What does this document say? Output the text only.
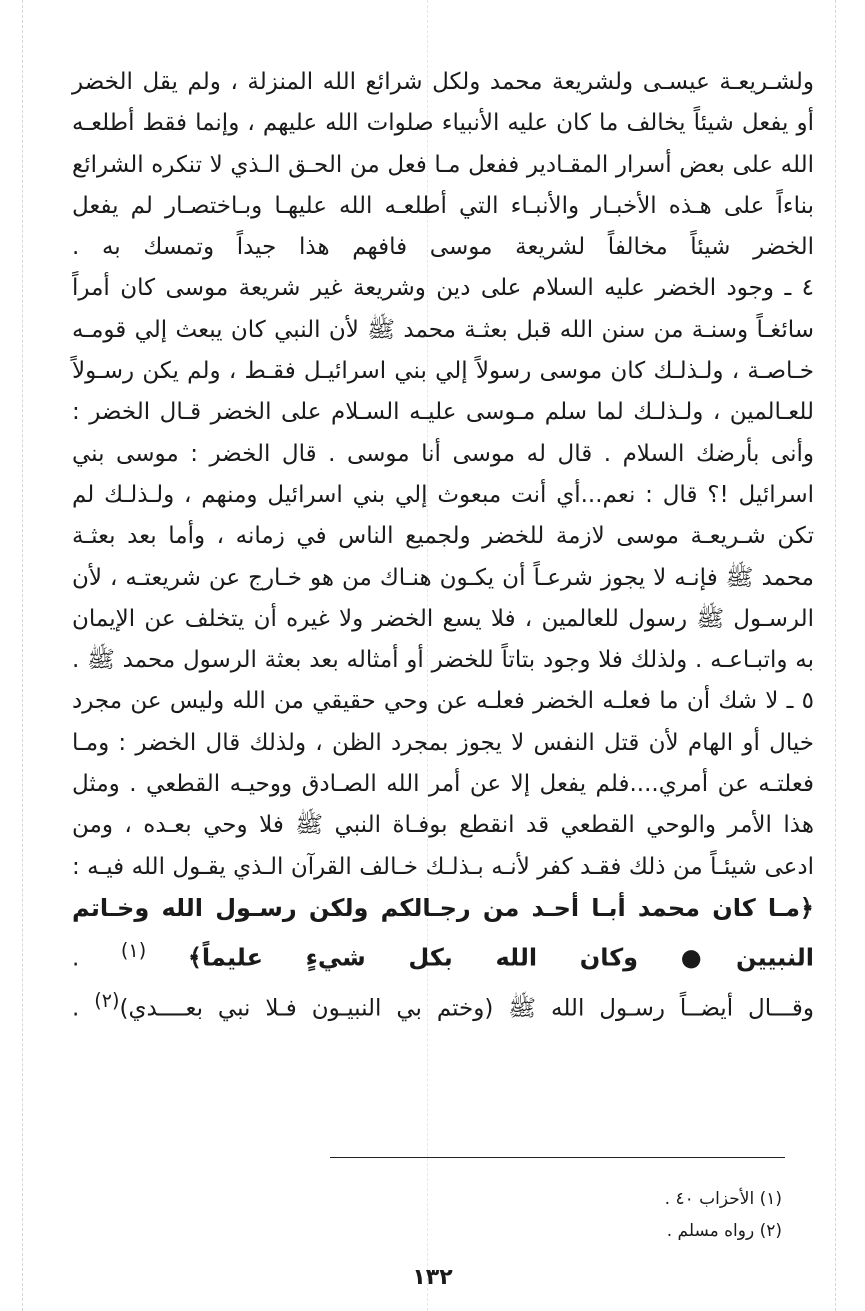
ولشـريعـة عيسـى ولشريعة محمد ولكل شرائع الله المنزلة ، ولم يقل الخضر أو يفعل شيئاً يخالف ما كان عليه الأنبياء صلوات الله عليهم ، وإنما فقط أطلعـه الله على بعض أسرار المقـادير ففعل مـا فعل من الحـق الـذي لا تنكره الشرائع بناءاً على هـذه الأخبـار والأنبـاء التي أطلعـه الله عليهـا وبـاختصـار لم يفعل الخضر شيئاً مخالفاً لشريعة موسى فافهم هذا جيداً وتمسك به .

٤ ـ وجود الخضر عليه السلام على دين وشريعة غير شريعة موسى كان أمراً سائغـاً وسنـة من سنن الله قبل بعثـة محمد ﷺ لأن النبي كان يبعث إلي قومـه خـاصـة ، ولـذلـك كان موسى رسولاً إلي بني اسرائيـل فقـط ، ولم يكن رسـولاً للعـالمين ، ولـذلـك لما سلم مـوسى عليـه السـلام على الخضر قـال الخضر : وأنى بأرضك السلام . قال له موسى أنا موسى . قال الخضر : موسى بني اسرائيل !؟ قال : نعم...أي أنت مبعوث إلي بني اسرائيل ومنهم ، ولـذلـك لم تكن شـريعـة موسى لازمة للخضر ولجميع الناس في زمانه ، وأما بعد بعثـة محمد ﷺ فإنـه لا يجوز شرعـاً أن يكـون هنـاك من هو خـارج عن شريعتـه ، لأن الرسـول ﷺ رسول للعالمين ، فلا يسع الخضر ولا غيره أن يتخلف عن الإيمان به واتبـاعـه . ولذلك فلا وجود بتاتاً للخضر أو أمثاله بعد بعثة الرسول محمد ﷺ .

٥ ـ لا شك أن ما فعلـه الخضر فعلـه عن وحي حقيقي من الله وليس عن مجرد خيال أو الهام لأن قتل النفس لا يجوز بمجرد الظن ، ولذلك قال الخضر : ومـا فعلتـه عن أمري....فلم يفعل إلا عن أمر الله الصـادق ووحيـه القطعي . ومثل هذا الأمر والوحي القطعي قد انقطع بوفـاة النبي ﷺ فلا وحي بعـده ، ومن ادعى شيئـاً من ذلك فقـد كفر لأنـه بـذلـك خـالف القرآن الـذي يقـول الله فيـه :﴿مـا كان محمد أبـا أحـد من رجـالكم ولكن رسـول الله وخـاتم النبيين● وكان الله بكل شيءٍ عليماً﴾ $^{(١)}$ .

وقـــال أيضــاً رسـول الله ﷺ (وختم بي النبيـون فـلا نبي بعــــدي)$^{(٢)}$ .

(١) الأحزاب ٤٠ .

(٢) رواه مسلم .

١٣٢
